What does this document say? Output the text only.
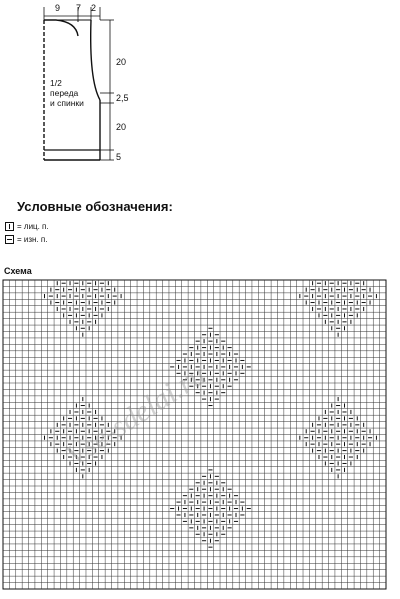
9 7 2
20
2,5
20
5
1/2
переда
и спинки
Условные обозначения:
= лиц. п.
= изн. п.
Схема
Vse-sdelai.ru
